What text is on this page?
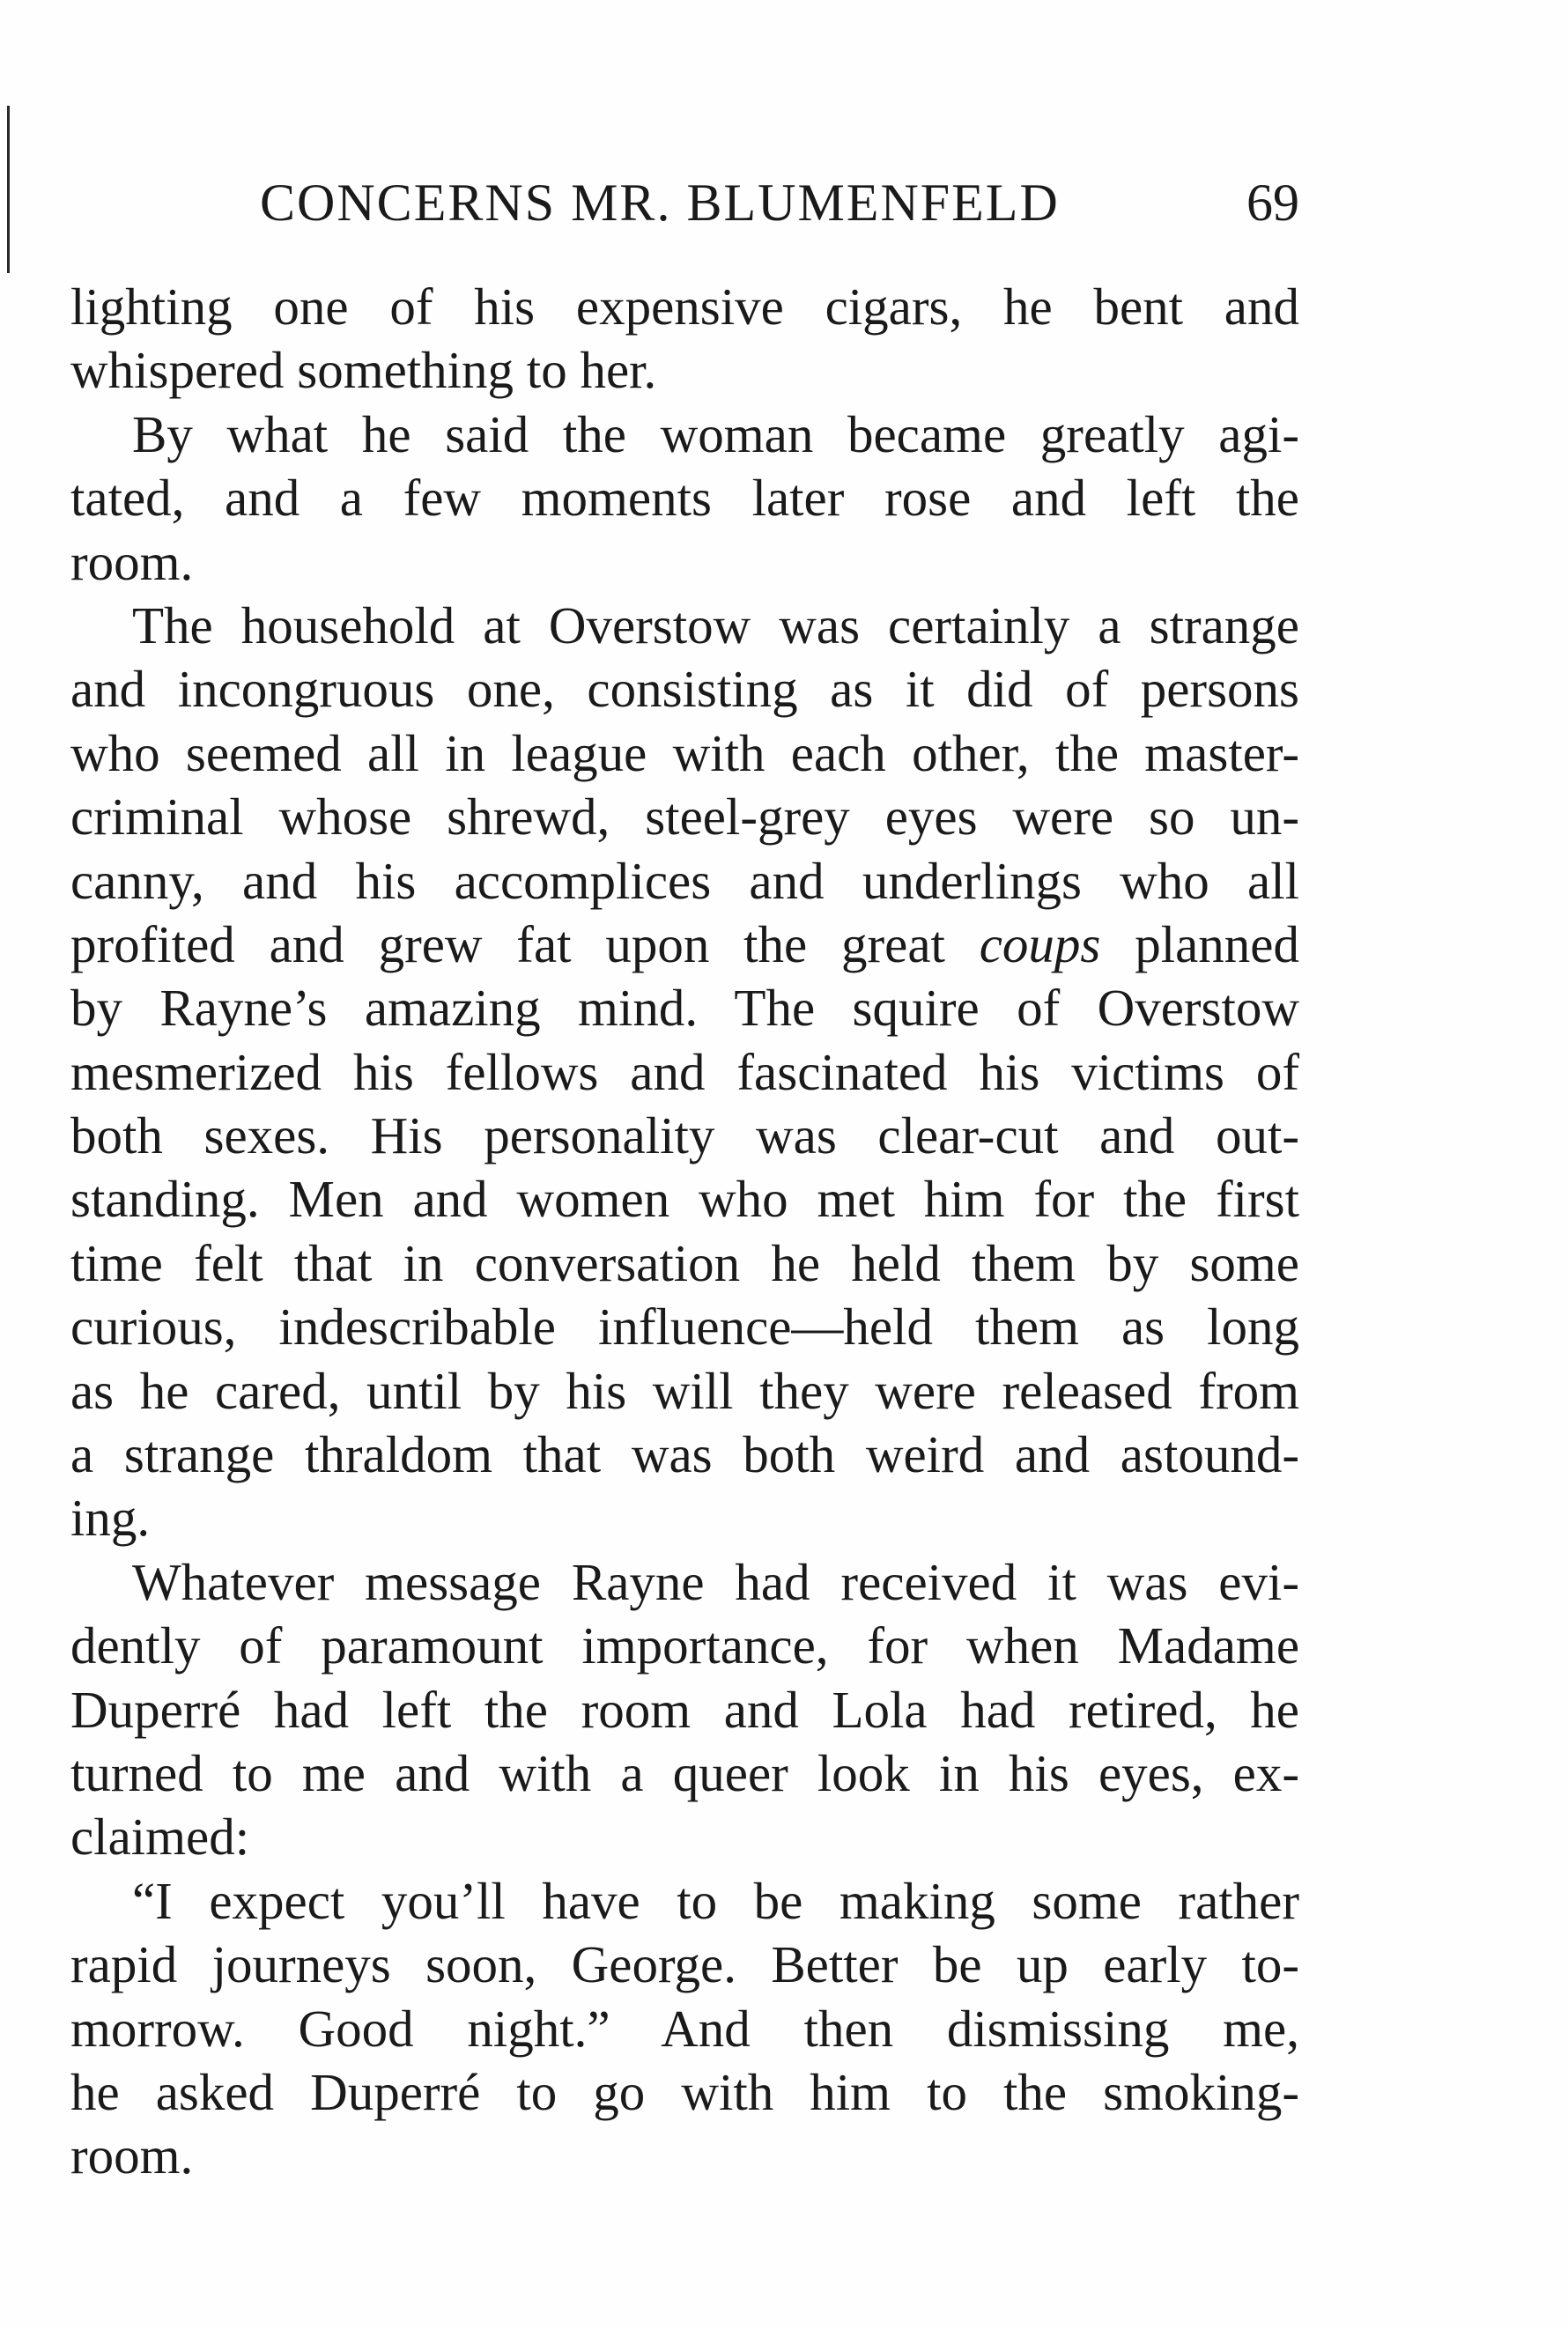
CONCERNS MR. BLUMENFELD	69
lighting one of his expensive cigars, he bent and
whispered something to her.
By what he said the woman became greatly agi-
tated, and a few moments later rose and left the
room.
The household at Overstow was certainly a strange
and incongruous one, consisting as it did of persons
who seemed all in league with each other, the master-
criminal whose shrewd, steel-grey eyes were so un-
canny, and his accomplices and underlings who all
profited and grew fat upon the great coups planned
by Rayne’s amazing mind. The squire of Overstow
mesmerized his fellows and fascinated his victims of
both sexes. His personality was clear-cut and out-
standing. Men and women who met him for the first
time felt that in conversation he held them by some
curious, indescribable influence—held them as long
as he cared, until by his will they were released from
a strange thraldom that was both weird and astound-
ing.
Whatever message Rayne had received it was evi-
dently of paramount importance, for when Madame
Duperré had left the room and Lola had retired, he
turned to me and with a queer look in his eyes, ex-
claimed:
“I expect you’ll have to be making some rather
rapid journeys soon, George. Better be up early to-
morrow. Good night.” And then dismissing me,
he asked Duperré to go with him to the smoking-
room.
